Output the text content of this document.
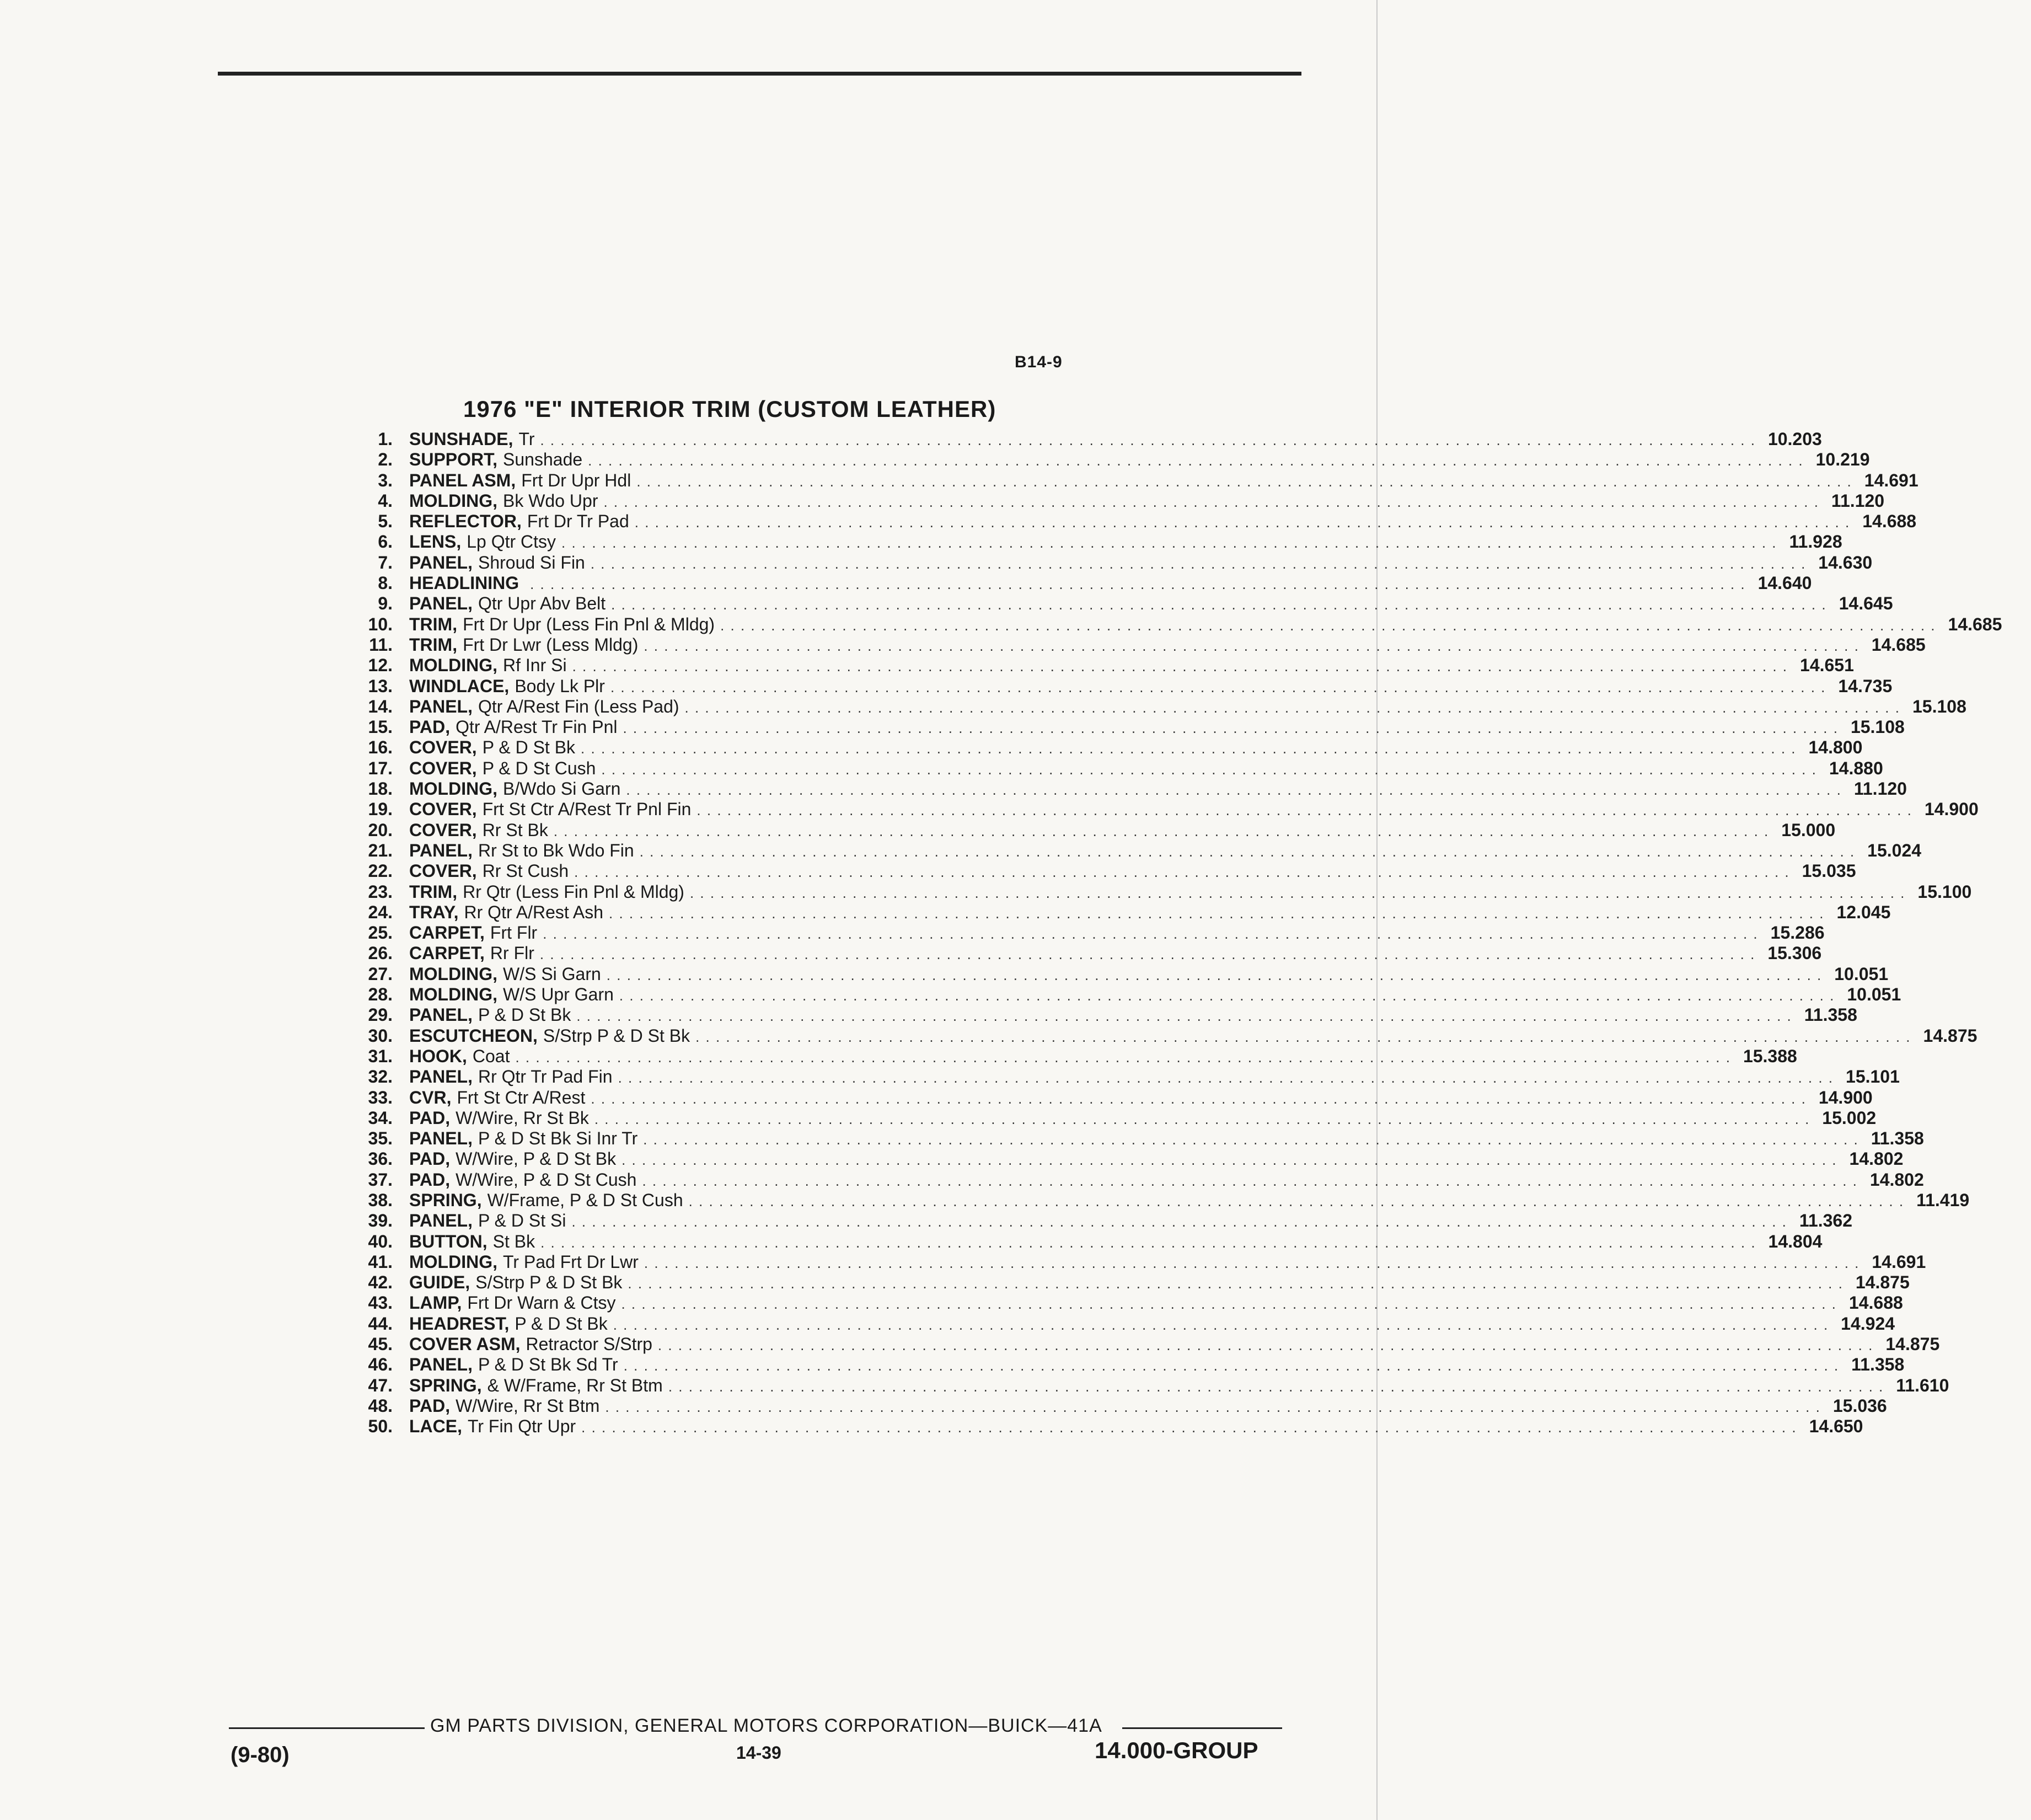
B14-9
1976 "E" INTERIOR TRIM (CUSTOM LEATHER)
1. SUNSHADE, Tr . . . . . . . . . . . . . . . . . . . . . . . . . . . . . . . . . . . . . . . . . . . . . . . . . . . . . . . . . . . . . . . . . . . . . . . . . . . . . . . . . . . . . . . . . . . . . . . . . . . . . . . . . . . . . . . . . . . . . . . . 10.203
2. SUPPORT, Sunshade . . . . . . . . . . . . . . . . . . . . . . . . . . . . . . . . . . . . . . . . . . . . . . . . . . . . . . . . . . . . . . . . . . . . . . . . . . . . . . . . . . . . . . . . . . . . . . . . . . . . . . . . . . . . . . . . . . . . . . . . 10.219
3. PANEL ASM, Frt Dr Upr Hdl . . . . . . . . . . . . . . . . . . . . . . . . . . . . . . . . . . . . . . . . . . . . . . . . . . . . . . . . . . . . . . . . . . . . . . . . . . . . . . . . . . . . . . . . . . . . . . . . . . . . . . . . . . . . . . . . . . . . . . . . 14.691
4. MOLDING, Bk Wdo Upr . . . . . . . . . . . . . . . . . . . . . . . . . . . . . . . . . . . . . . . . . . . . . . . . . . . . . . . . . . . . . . . . . . . . . . . . . . . . . . . . . . . . . . . . . . . . . . . . . . . . . . . . . . . . . . . . . . . . . . . . 11.120
5. REFLECTOR, Frt Dr Tr Pad . . . . . . . . . . . . . . . . . . . . . . . . . . . . . . . . . . . . . . . . . . . . . . . . . . . . . . . . . . . . . . . . . . . . . . . . . . . . . . . . . . . . . . . . . . . . . . . . . . . . . . . . . . . . . . . . . . . . . . . . 14.688
6. LENS, Lp Qtr Ctsy . . . . . . . . . . . . . . . . . . . . . . . . . . . . . . . . . . . . . . . . . . . . . . . . . . . . . . . . . . . . . . . . . . . . . . . . . . . . . . . . . . . . . . . . . . . . . . . . . . . . . . . . . . . . . . . . . . . . . . . . 11.928
7. PANEL, Shroud Si Fin . . . . . . . . . . . . . . . . . . . . . . . . . . . . . . . . . . . . . . . . . . . . . . . . . . . . . . . . . . . . . . . . . . . . . . . . . . . . . . . . . . . . . . . . . . . . . . . . . . . . . . . . . . . . . . . . . . . . . . . . 14.630
8. HEADLINING . . . . . . . . . . . . . . . . . . . . . . . . . . . . . . . . . . . . . . . . . . . . . . . . . . . . . . . . . . . . . . . . . . . . . . . . . . . . . . . . . . . . . . . . . . . . . . . . . . . . . . . . . . . . . . . . . . . . . . . . 14.640
9. PANEL, Qtr Upr Abv Belt . . . . . . . . . . . . . . . . . . . . . . . . . . . . . . . . . . . . . . . . . . . . . . . . . . . . . . . . . . . . . . . . . . . . . . . . . . . . . . . . . . . . . . . . . . . . . . . . . . . . . . . . . . . . . . . . . . . . . . . . 14.645
10. TRIM, Frt Dr Upr (Less Fin Pnl & Mldg) . . . . . . . . . . . . . . . . . . . . . . . . . . . . . . . . . . . . . . . . . . . . . . . . . . . . . . . . . . . . . . . . . . . . . . . . . . . . . . . . . . . . . . . . . . . . . . . . . . . . . . . . . . . . . . . . . . . . . . . . 14.685
11. TRIM, Frt Dr Lwr (Less Mldg) . . . . . . . . . . . . . . . . . . . . . . . . . . . . . . . . . . . . . . . . . . . . . . . . . . . . . . . . . . . . . . . . . . . . . . . . . . . . . . . . . . . . . . . . . . . . . . . . . . . . . . . . . . . . . . . . . . . . . . . . 14.685
12. MOLDING, Rf Inr Si . . . . . . . . . . . . . . . . . . . . . . . . . . . . . . . . . . . . . . . . . . . . . . . . . . . . . . . . . . . . . . . . . . . . . . . . . . . . . . . . . . . . . . . . . . . . . . . . . . . . . . . . . . . . . . . . . . . . . . . . 14.651
13. WINDLACE, Body Lk Plr . . . . . . . . . . . . . . . . . . . . . . . . . . . . . . . . . . . . . . . . . . . . . . . . . . . . . . . . . . . . . . . . . . . . . . . . . . . . . . . . . . . . . . . . . . . . . . . . . . . . . . . . . . . . . . . . . . . . . . . . 14.735
14. PANEL, Qtr A/Rest Fin (Less Pad) . . . . . . . . . . . . . . . . . . . . . . . . . . . . . . . . . . . . . . . . . . . . . . . . . . . . . . . . . . . . . . . . . . . . . . . . . . . . . . . . . . . . . . . . . . . . . . . . . . . . . . . . . . . . . . . . . . . . . . . . 15.108
15. PAD, Qtr A/Rest Tr Fin Pnl . . . . . . . . . . . . . . . . . . . . . . . . . . . . . . . . . . . . . . . . . . . . . . . . . . . . . . . . . . . . . . . . . . . . . . . . . . . . . . . . . . . . . . . . . . . . . . . . . . . . . . . . . . . . . . . . . . . . . . . . 15.108
16. COVER, P & D St Bk . . . . . . . . . . . . . . . . . . . . . . . . . . . . . . . . . . . . . . . . . . . . . . . . . . . . . . . . . . . . . . . . . . . . . . . . . . . . . . . . . . . . . . . . . . . . . . . . . . . . . . . . . . . . . . . . . . . . . . . . 14.800
17. COVER, P & D St Cush . . . . . . . . . . . . . . . . . . . . . . . . . . . . . . . . . . . . . . . . . . . . . . . . . . . . . . . . . . . . . . . . . . . . . . . . . . . . . . . . . . . . . . . . . . . . . . . . . . . . . . . . . . . . . . . . . . . . . . . . 14.880
18. MOLDING, B/Wdo Si Garn . . . . . . . . . . . . . . . . . . . . . . . . . . . . . . . . . . . . . . . . . . . . . . . . . . . . . . . . . . . . . . . . . . . . . . . . . . . . . . . . . . . . . . . . . . . . . . . . . . . . . . . . . . . . . . . . . . . . . . . . 11.120
19. COVER, Frt St Ctr A/Rest Tr Pnl Fin . . . . . . . . . . . . . . . . . . . . . . . . . . . . . . . . . . . . . . . . . . . . . . . . . . . . . . . . . . . . . . . . . . . . . . . . . . . . . . . . . . . . . . . . . . . . . . . . . . . . . . . . . . . . . . . . . . . . . . . . 14.900
20. COVER, Rr St Bk . . . . . . . . . . . . . . . . . . . . . . . . . . . . . . . . . . . . . . . . . . . . . . . . . . . . . . . . . . . . . . . . . . . . . . . . . . . . . . . . . . . . . . . . . . . . . . . . . . . . . . . . . . . . . . . . . . . . . . . . 15.000
21. PANEL, Rr St to Bk Wdo Fin . . . . . . . . . . . . . . . . . . . . . . . . . . . . . . . . . . . . . . . . . . . . . . . . . . . . . . . . . . . . . . . . . . . . . . . . . . . . . . . . . . . . . . . . . . . . . . . . . . . . . . . . . . . . . . . . . . . . . . . . 15.024
22. COVER, Rr St Cush . . . . . . . . . . . . . . . . . . . . . . . . . . . . . . . . . . . . . . . . . . . . . . . . . . . . . . . . . . . . . . . . . . . . . . . . . . . . . . . . . . . . . . . . . . . . . . . . . . . . . . . . . . . . . . . . . . . . . . . . 15.035
23. TRIM, Rr Qtr (Less Fin Pnl & Mldg) . . . . . . . . . . . . . . . . . . . . . . . . . . . . . . . . . . . . . . . . . . . . . . . . . . . . . . . . . . . . . . . . . . . . . . . . . . . . . . . . . . . . . . . . . . . . . . . . . . . . . . . . . . . . . . . . . . . . . . . . 15.100
24. TRAY, Rr Qtr A/Rest Ash . . . . . . . . . . . . . . . . . . . . . . . . . . . . . . . . . . . . . . . . . . . . . . . . . . . . . . . . . . . . . . . . . . . . . . . . . . . . . . . . . . . . . . . . . . . . . . . . . . . . . . . . . . . . . . . . . . . . . . . . 12.045
25. CARPET, Frt Flr . . . . . . . . . . . . . . . . . . . . . . . . . . . . . . . . . . . . . . . . . . . . . . . . . . . . . . . . . . . . . . . . . . . . . . . . . . . . . . . . . . . . . . . . . . . . . . . . . . . . . . . . . . . . . . . . . . . . . . . . 15.286
26. CARPET, Rr Flr . . . . . . . . . . . . . . . . . . . . . . . . . . . . . . . . . . . . . . . . . . . . . . . . . . . . . . . . . . . . . . . . . . . . . . . . . . . . . . . . . . . . . . . . . . . . . . . . . . . . . . . . . . . . . . . . . . . . . . . . 15.306
27. MOLDING, W/S Si Garn . . . . . . . . . . . . . . . . . . . . . . . . . . . . . . . . . . . . . . . . . . . . . . . . . . . . . . . . . . . . . . . . . . . . . . . . . . . . . . . . . . . . . . . . . . . . . . . . . . . . . . . . . . . . . . . . . . . . . . . . 10.051
28. MOLDING, W/S Upr Garn . . . . . . . . . . . . . . . . . . . . . . . . . . . . . . . . . . . . . . . . . . . . . . . . . . . . . . . . . . . . . . . . . . . . . . . . . . . . . . . . . . . . . . . . . . . . . . . . . . . . . . . . . . . . . . . . . . . . . . . . 10.051
29. PANEL, P & D St Bk . . . . . . . . . . . . . . . . . . . . . . . . . . . . . . . . . . . . . . . . . . . . . . . . . . . . . . . . . . . . . . . . . . . . . . . . . . . . . . . . . . . . . . . . . . . . . . . . . . . . . . . . . . . . . . . . . . . . . . . . 11.358
30. ESCUTCHEON, S/Strp P & D St Bk . . . . . . . . . . . . . . . . . . . . . . . . . . . . . . . . . . . . . . . . . . . . . . . . . . . . . . . . . . . . . . . . . . . . . . . . . . . . . . . . . . . . . . . . . . . . . . . . . . . . . . . . . . . . . . . . . . . . . . . . 14.875
31. HOOK, Coat . . . . . . . . . . . . . . . . . . . . . . . . . . . . . . . . . . . . . . . . . . . . . . . . . . . . . . . . . . . . . . . . . . . . . . . . . . . . . . . . . . . . . . . . . . . . . . . . . . . . . . . . . . . . . . . . . . . . . . . . 15.388
32. PANEL, Rr Qtr Tr Pad Fin . . . . . . . . . . . . . . . . . . . . . . . . . . . . . . . . . . . . . . . . . . . . . . . . . . . . . . . . . . . . . . . . . . . . . . . . . . . . . . . . . . . . . . . . . . . . . . . . . . . . . . . . . . . . . . . . . . . . . . . . 15.101
33. CVR, Frt St Ctr A/Rest . . . . . . . . . . . . . . . . . . . . . . . . . . . . . . . . . . . . . . . . . . . . . . . . . . . . . . . . . . . . . . . . . . . . . . . . . . . . . . . . . . . . . . . . . . . . . . . . . . . . . . . . . . . . . . . . . . . . . . . . 14.900
34. PAD, W/Wire, Rr St Bk . . . . . . . . . . . . . . . . . . . . . . . . . . . . . . . . . . . . . . . . . . . . . . . . . . . . . . . . . . . . . . . . . . . . . . . . . . . . . . . . . . . . . . . . . . . . . . . . . . . . . . . . . . . . . . . . . . . . . . . . 15.002
35. PANEL, P & D St Bk Si Inr Tr . . . . . . . . . . . . . . . . . . . . . . . . . . . . . . . . . . . . . . . . . . . . . . . . . . . . . . . . . . . . . . . . . . . . . . . . . . . . . . . . . . . . . . . . . . . . . . . . . . . . . . . . . . . . . . . . . . . . . . . . 11.358
36. PAD, W/Wire, P & D St Bk . . . . . . . . . . . . . . . . . . . . . . . . . . . . . . . . . . . . . . . . . . . . . . . . . . . . . . . . . . . . . . . . . . . . . . . . . . . . . . . . . . . . . . . . . . . . . . . . . . . . . . . . . . . . . . . . . . . . . . . . 14.802
37. PAD, W/Wire, P & D St Cush . . . . . . . . . . . . . . . . . . . . . . . . . . . . . . . . . . . . . . . . . . . . . . . . . . . . . . . . . . . . . . . . . . . . . . . . . . . . . . . . . . . . . . . . . . . . . . . . . . . . . . . . . . . . . . . . . . . . . . . . 14.802
38. SPRING, W/Frame, P & D St Cush . . . . . . . . . . . . . . . . . . . . . . . . . . . . . . . . . . . . . . . . . . . . . . . . . . . . . . . . . . . . . . . . . . . . . . . . . . . . . . . . . . . . . . . . . . . . . . . . . . . . . . . . . . . . . . . . . . . . . . . . 11.419
39. PANEL, P & D St Si . . . . . . . . . . . . . . . . . . . . . . . . . . . . . . . . . . . . . . . . . . . . . . . . . . . . . . . . . . . . . . . . . . . . . . . . . . . . . . . . . . . . . . . . . . . . . . . . . . . . . . . . . . . . . . . . . . . . . . . . 11.362
40. BUTTON, St Bk . . . . . . . . . . . . . . . . . . . . . . . . . . . . . . . . . . . . . . . . . . . . . . . . . . . . . . . . . . . . . . . . . . . . . . . . . . . . . . . . . . . . . . . . . . . . . . . . . . . . . . . . . . . . . . . . . . . . . . . . 14.804
41. MOLDING, Tr Pad Frt Dr Lwr . . . . . . . . . . . . . . . . . . . . . . . . . . . . . . . . . . . . . . . . . . . . . . . . . . . . . . . . . . . . . . . . . . . . . . . . . . . . . . . . . . . . . . . . . . . . . . . . . . . . . . . . . . . . . . . . . . . . . . . . 14.691
42. GUIDE, S/Strp P & D St Bk . . . . . . . . . . . . . . . . . . . . . . . . . . . . . . . . . . . . . . . . . . . . . . . . . . . . . . . . . . . . . . . . . . . . . . . . . . . . . . . . . . . . . . . . . . . . . . . . . . . . . . . . . . . . . . . . . . . . . . . . 14.875
43. LAMP, Frt Dr Warn & Ctsy . . . . . . . . . . . . . . . . . . . . . . . . . . . . . . . . . . . . . . . . . . . . . . . . . . . . . . . . . . . . . . . . . . . . . . . . . . . . . . . . . . . . . . . . . . . . . . . . . . . . . . . . . . . . . . . . . . . . . . . . 14.688
44. HEADREST, P & D St Bk . . . . . . . . . . . . . . . . . . . . . . . . . . . . . . . . . . . . . . . . . . . . . . . . . . . . . . . . . . . . . . . . . . . . . . . . . . . . . . . . . . . . . . . . . . . . . . . . . . . . . . . . . . . . . . . . . . . . . . . . 14.924
45. COVER ASM, Retractor S/Strp . . . . . . . . . . . . . . . . . . . . . . . . . . . . . . . . . . . . . . . . . . . . . . . . . . . . . . . . . . . . . . . . . . . . . . . . . . . . . . . . . . . . . . . . . . . . . . . . . . . . . . . . . . . . . . . . . . . . . . . . 14.875
46. PANEL, P & D St Bk Sd Tr . . . . . . . . . . . . . . . . . . . . . . . . . . . . . . . . . . . . . . . . . . . . . . . . . . . . . . . . . . . . . . . . . . . . . . . . . . . . . . . . . . . . . . . . . . . . . . . . . . . . . . . . . . . . . . . . . . . . . . . . 11.358
47. SPRING, & W/Frame, Rr St Btm . . . . . . . . . . . . . . . . . . . . . . . . . . . . . . . . . . . . . . . . . . . . . . . . . . . . . . . . . . . . . . . . . . . . . . . . . . . . . . . . . . . . . . . . . . . . . . . . . . . . . . . . . . . . . . . . . . . . . . . . 11.610
48. PAD, W/Wire, Rr St Btm . . . . . . . . . . . . . . . . . . . . . . . . . . . . . . . . . . . . . . . . . . . . . . . . . . . . . . . . . . . . . . . . . . . . . . . . . . . . . . . . . . . . . . . . . . . . . . . . . . . . . . . . . . . . . . . . . . . . . . . . 15.036
50. LACE, Tr Fin Qtr Upr . . . . . . . . . . . . . . . . . . . . . . . . . . . . . . . . . . . . . . . . . . . . . . . . . . . . . . . . . . . . . . . . . . . . . . . . . . . . . . . . . . . . . . . . . . . . . . . . . . . . . . . . . . . . . . . . . . . . . . . . 14.650
GM PARTS DIVISION, GENERAL MOTORS CORPORATION—BUICK—41A
(9-80)	14-39	14.000-GROUP
